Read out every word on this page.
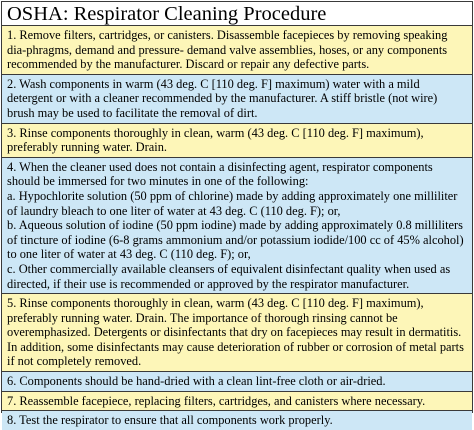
OSHA: Respirator Cleaning Procedure

1. Remove filters, cartridges, or canisters. Disassemble facepieces by removing speaking dia-phragms, demand and pressure- demand valve assemblies, hoses, or any components recommended by the manufacturer. Discard or repair any defective parts.

2. Wash components in warm (43 deg. C [110 deg. F] maximum) water with a mild detergent or with a cleaner recommended by the manufacturer. A stiff bristle (not wire) brush may be used to facilitate the removal of dirt.

3. Rinse components thoroughly in clean, warm (43 deg. C [110 deg. F] maximum), preferably running water. Drain.

4. When the cleaner used does not contain a disinfecting agent, respirator components should be immersed for two minutes in one of the following:

a. Hypochlorite solution (50 ppm of chlorine) made by adding approximately one milliliter of laundry bleach to one liter of water at 43 deg. C (110 deg. F); or,

b. Aqueous solution of iodine (50 ppm iodine) made by adding approximately 0.8 milliliters of tincture of iodine (6-8 grams ammonium and/or potassium iodide/100 cc of 45% alcohol) to one liter of water at 43 deg. C (110 deg. F); or,

c. Other commercially available cleansers of equivalent disinfectant quality when used as directed, if their use is recommended or approved by the respirator manufacturer.

5. Rinse components thoroughly in clean, warm (43 deg. C [110 deg. F] maximum), preferably running water. Drain. The importance of thorough rinsing cannot be overemphasized. Detergents or disinfectants that dry on facepieces may result in dermatitis. In addition, some disinfectants may cause deterioration of rubber or corrosion of metal parts if not completely removed.

6. Components should be hand-dried with a clean lint-free cloth or air-dried.

7. Reassemble facepiece, replacing filters, cartridges, and canisters where necessary.

8. Test the respirator to ensure that all components work properly.
